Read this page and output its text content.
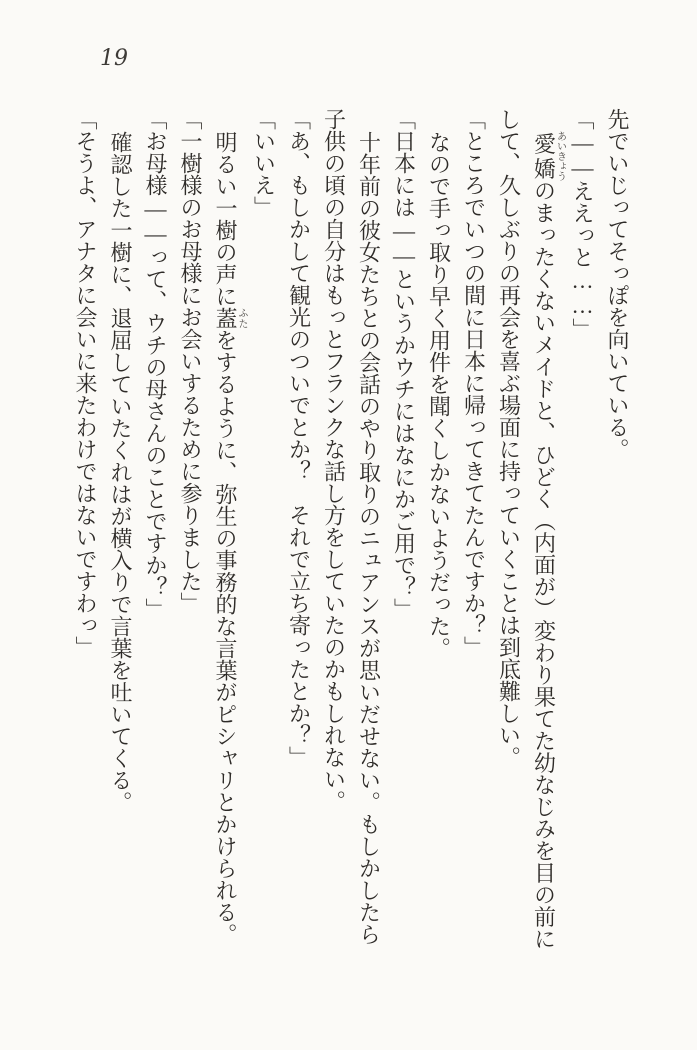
19
先でいじってそっぽを向いている。
「――ええっと……」
愛嬌あいきょうのまったくないメイドと、ひどく（内面が）変わり果てた幼なじみを目の前に
して、久しぶりの再会を喜ぶ場面に持っていくことは到底難しい。
「ところでいつの間に日本に帰ってきてたんですか？」
なので手っ取り早く用件を聞くしかないようだった。
「日本には――というかウチにはなにかご用で？」
十年前の彼女たちとの会話のやり取りのニュアンスが思いだせない。もしかしたら
子供の頃の自分はもっとフランクな話し方をしていたのかもしれない。
「あ、もしかして観光のついでとか？　それで立ち寄ったとか？」
「いいえ」
明るい一樹の声に蓋ふたをするように、弥生の事務的な言葉がピシャリとかけられる。
「一樹様のお母様にお会いするために参りました」
「お母様――って、ウチの母さんのことですか？」
確認した一樹に、退屈していたくれはが横入りで言葉を吐いてくる。
「そうよ、アナタに会いに来たわけではないですわっ」
